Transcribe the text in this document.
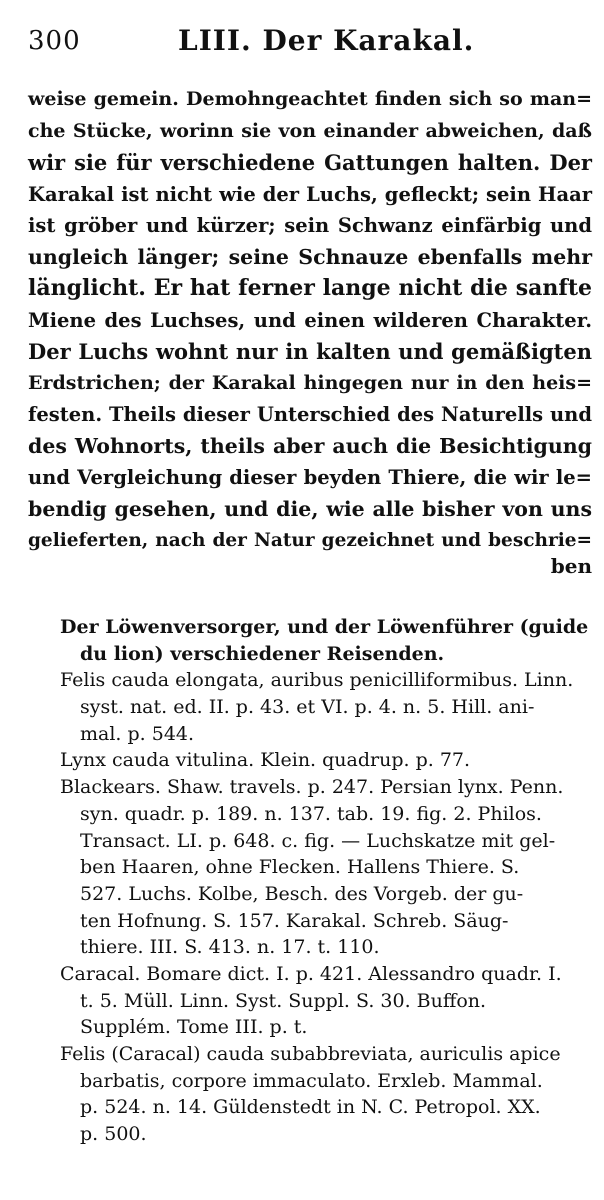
300	LIII. Der Karakal.
weise gemein. Demohngeachtet finden sich so man=
che Stücke, worinn sie von einander abweichen, daß
wir sie für verschiedene Gattungen halten. Der
Karakal ist nicht wie der Luchs, gefleckt; sein Haar
ist gröber und kürzer; sein Schwanz einfärbig und
ungleich länger; seine Schnauze ebenfalls mehr
länglicht. Er hat ferner lange nicht die sanfte
Miene des Luchses, und einen wilderen Charakter.
Der Luchs wohnt nur in kalten und gemäßigten
Erdstrichen; der Karakal hingegen nur in den heis=
festen. Theils dieser Unterschied des Naturells und
des Wohnorts, theils aber auch die Besichtigung
und Vergleichung dieser beyden Thiere, die wir le=
bendig gesehen, und die, wie alle bisher von uns
gelieferten, nach der Natur gezeichnet und beschrie=
ben
Der Löwenversorger, und der Löwenführer (guide
du lion) verschiedener Reisenden.
Felis cauda elongata, auribus penicilliformibus. Linn.
syst. nat. ed. II. p. 43. et VI. p. 4. n. 5. Hill. ani-
mal. p. 544.
Lynx cauda vitulina. Klein. quadrup. p. 77.
Blackears. Shaw. travels. p. 247. Persian lynx. Penn.
syn. quadr. p. 189. n. 137. tab. 19. fig. 2. Philos.
Transact. LI. p. 648. c. fig. — Luchskatze mit gel-
ben Haaren, ohne Flecken. Hallens Thiere. S.
527. Luchs. Kolbe, Besch. des Vorgeb. der gu-
ten Hofnung. S. 157. Karakal. Schreb. Säug-
thiere. III. S. 413. n. 17. t. 110.
Caracal. Bomare dict. I. p. 421. Alessandro quadr. I.
t. 5. Müll. Linn. Syst. Suppl. S. 30. Buffon.
Supplém. Tome III. p. t.
Felis (Caracal) cauda subabbreviata, auriculis apice
barbatis, corpore immaculato. Erxleb. Mammal.
p. 524. n. 14. Güldenstedt in N. C. Petropol. XX.
p. 500.
